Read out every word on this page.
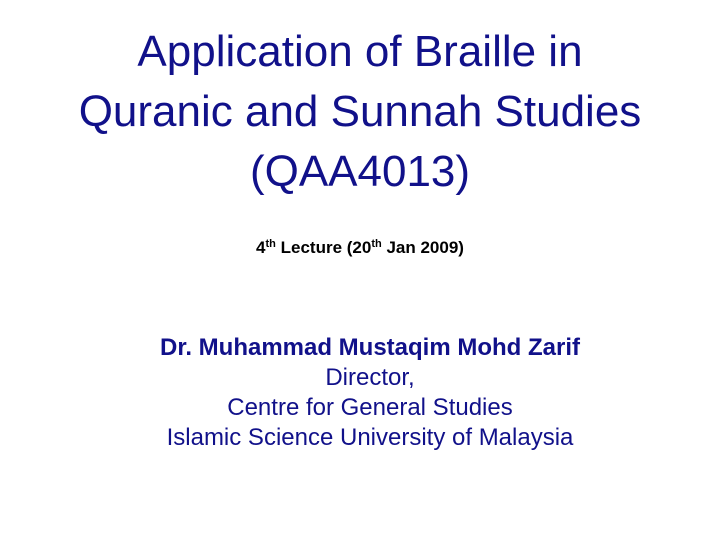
Application of Braille in
Quranic and Sunnah Studies
(QAA4013)
4th Lecture (20th Jan 2009)
Dr. Muhammad Mustaqim Mohd Zarif
Director,
Centre for General Studies
Islamic Science University of Malaysia
